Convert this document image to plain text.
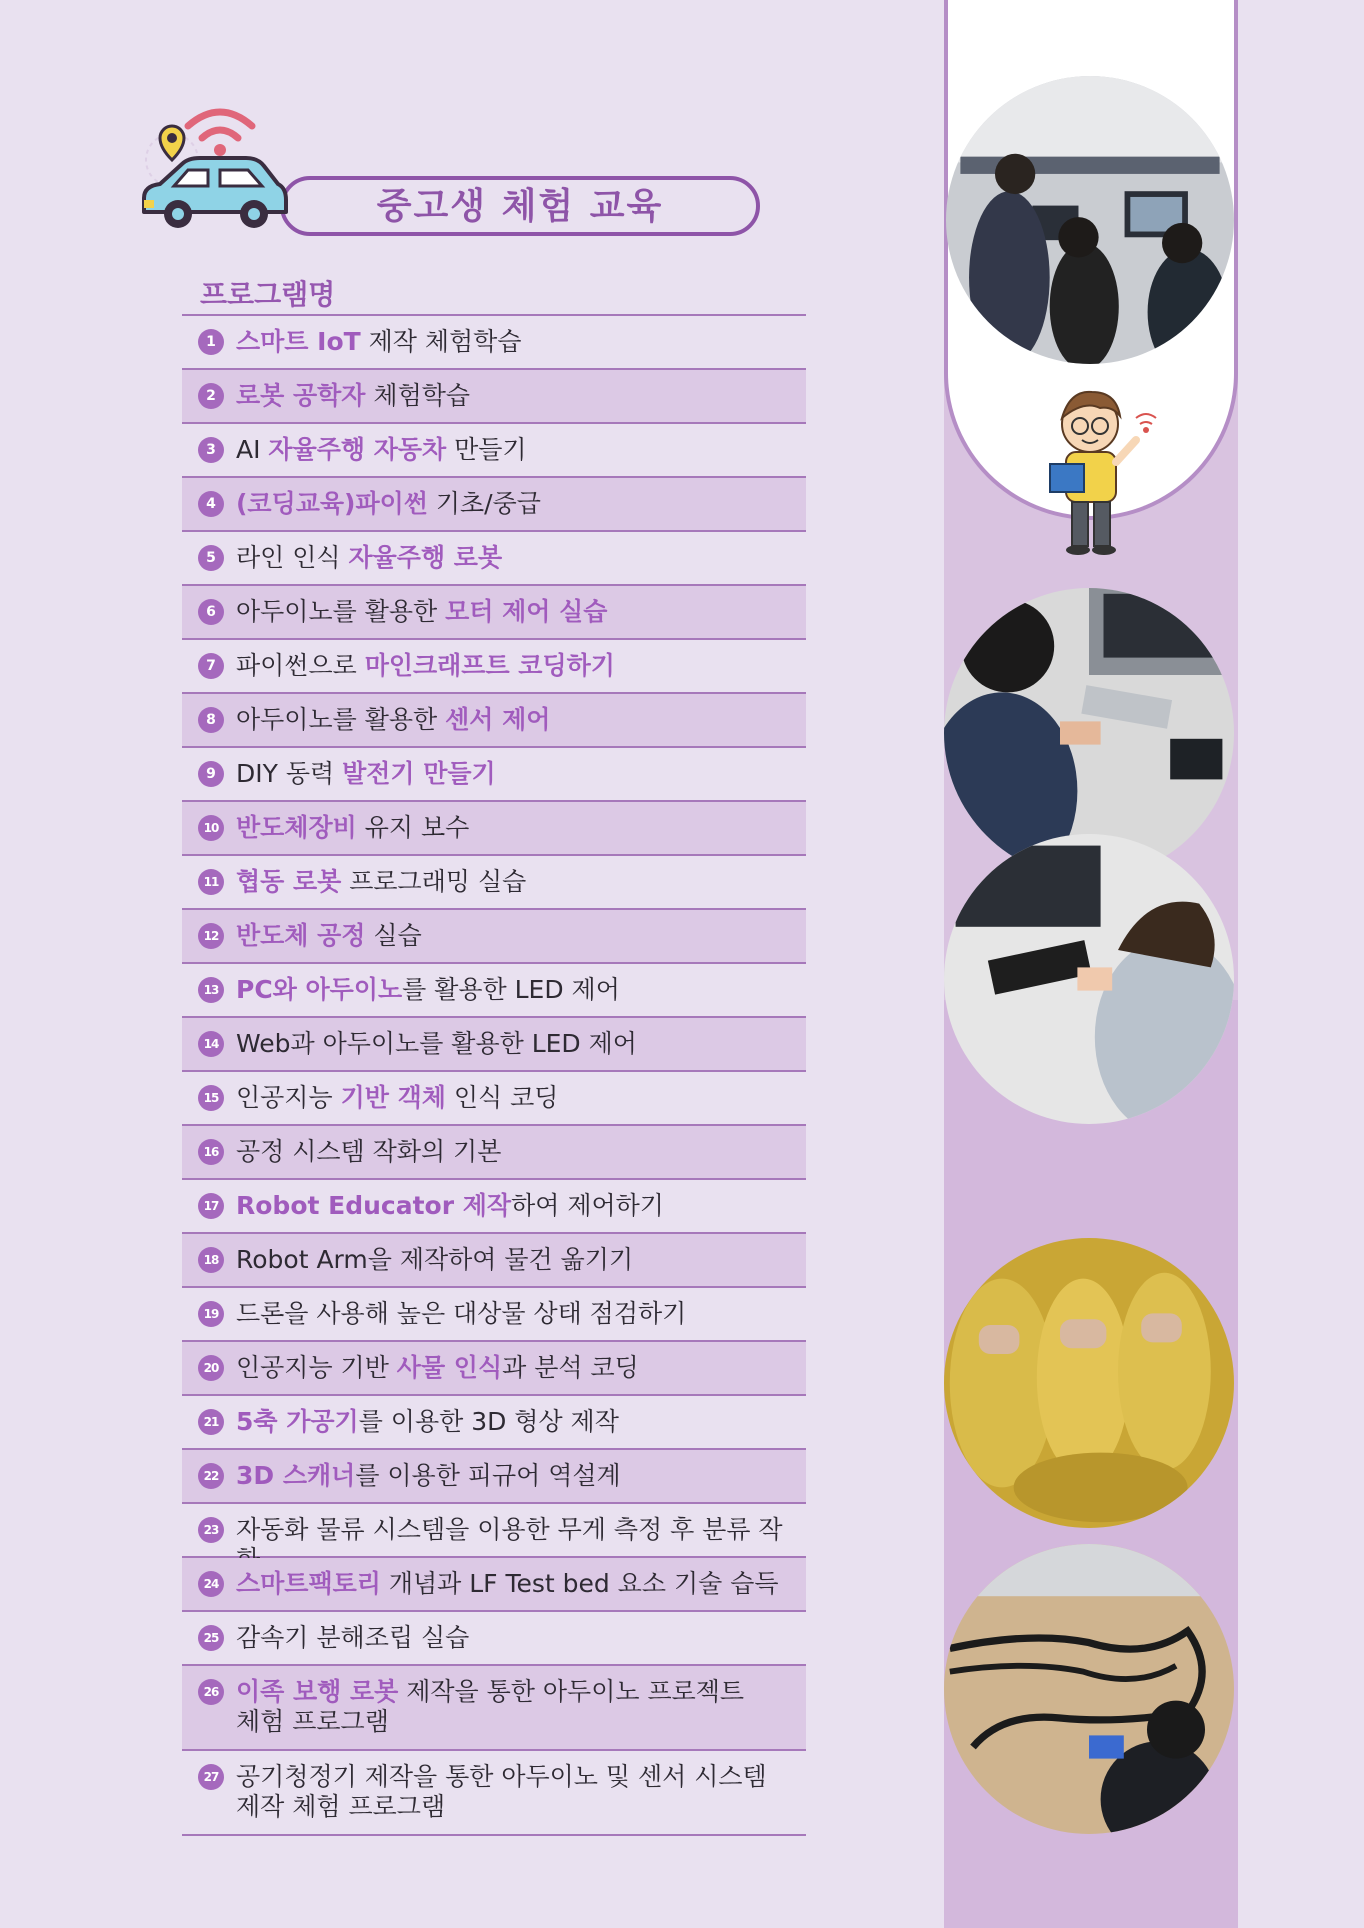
중고생 체험 교육
프로그램명
1 스마트 IoT 제작 체험학습
2 로봇 공학자 체험학습
3 AI 자율주행 자동차 만들기
4 (코딩교육)파이썬 기초/중급
5 라인 인식 자율주행 로봇
6 아두이노를 활용한 모터 제어 실습
7 파이썬으로 마인크래프트 코딩하기
8 아두이노를 활용한 센서 제어
9 DIY 동력 발전기 만들기
10 반도체장비 유지 보수
11 협동 로봇 프로그래밍 실습
12 반도체 공정 실습
13 PC와 아두이노를 활용한 LED 제어
14 Web과 아두이노를 활용한 LED 제어
15 인공지능 기반 객체 인식 코딩
16 공정 시스템 작화의 기본
17 Robot Educator 제작하여 제어하기
18 Robot Arm을 제작하여 물건 옮기기
19 드론을 사용해 높은 대상물 상태 점검하기
20 인공지능 기반 사물 인식과 분석 코딩
21 5축 가공기를 이용한 3D 형상 제작
22 3D 스캐너를 이용한 피규어 역설계
23 자동화 물류 시스템을 이용한 무게 측정 후 분류 작
24 스마트팩토리 개념과 LF Test bed 요소 기술 습득
25 감속기 분해조립 실습
26 이족 보행 로봇 제작을 통한 아두이노 프로젝트
체험 프로그램
27 공기청정기 제작을 통한 아두이노 및 센서 시스템
제작 체험 프로그램
